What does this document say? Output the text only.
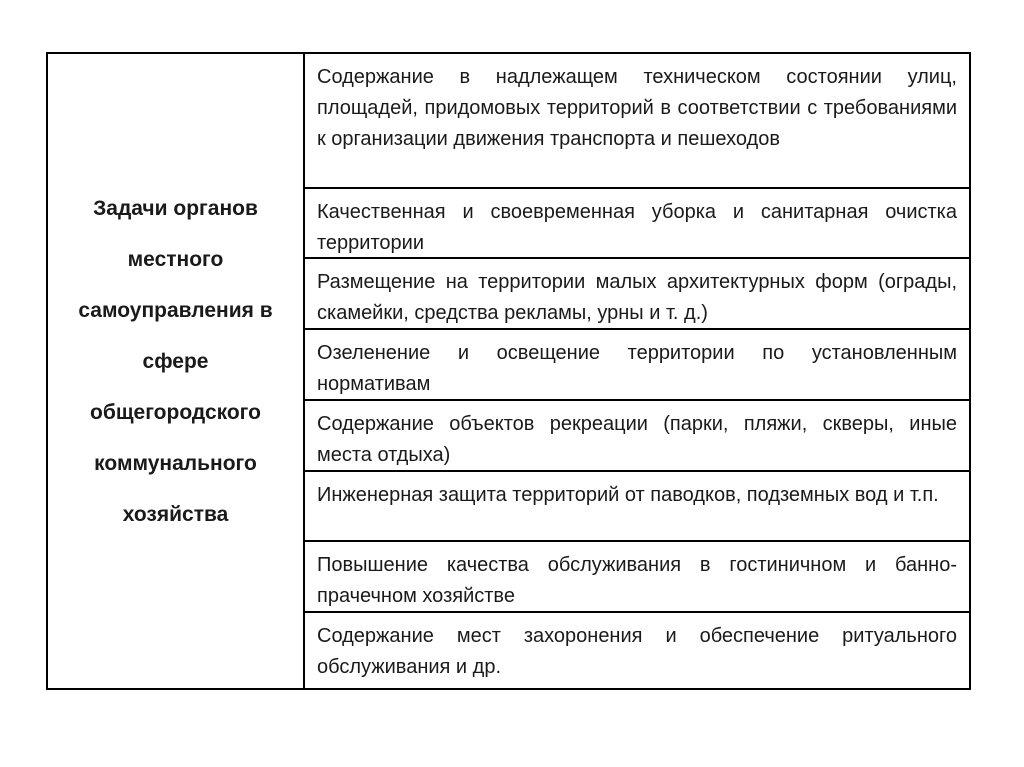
Задачи органов местного самоуправления в сфере общегородского коммунального хозяйства
Содержание в надлежащем техническом состоянии улиц, площадей, придомовых территорий в соответствии с требованиями к организации движения транспорта и пешеходов
Качественная и своевременная уборка и санитарная очистка территории
Размещение на территории малых архитектурных форм (ограды, скамейки, средства рекламы, урны и т. д.)
Озеленение и освещение территории по установленным нормативам
Содержание объектов рекреации (парки, пляжи, скверы, иные места отдыха)
Инженерная защита территорий от паводков, подземных вод и т.п.
Повышение качества обслуживания в гостиничном и банно-прачечном хозяйстве
Содержание мест захоронения и обеспечение ритуального обслуживания и др.
